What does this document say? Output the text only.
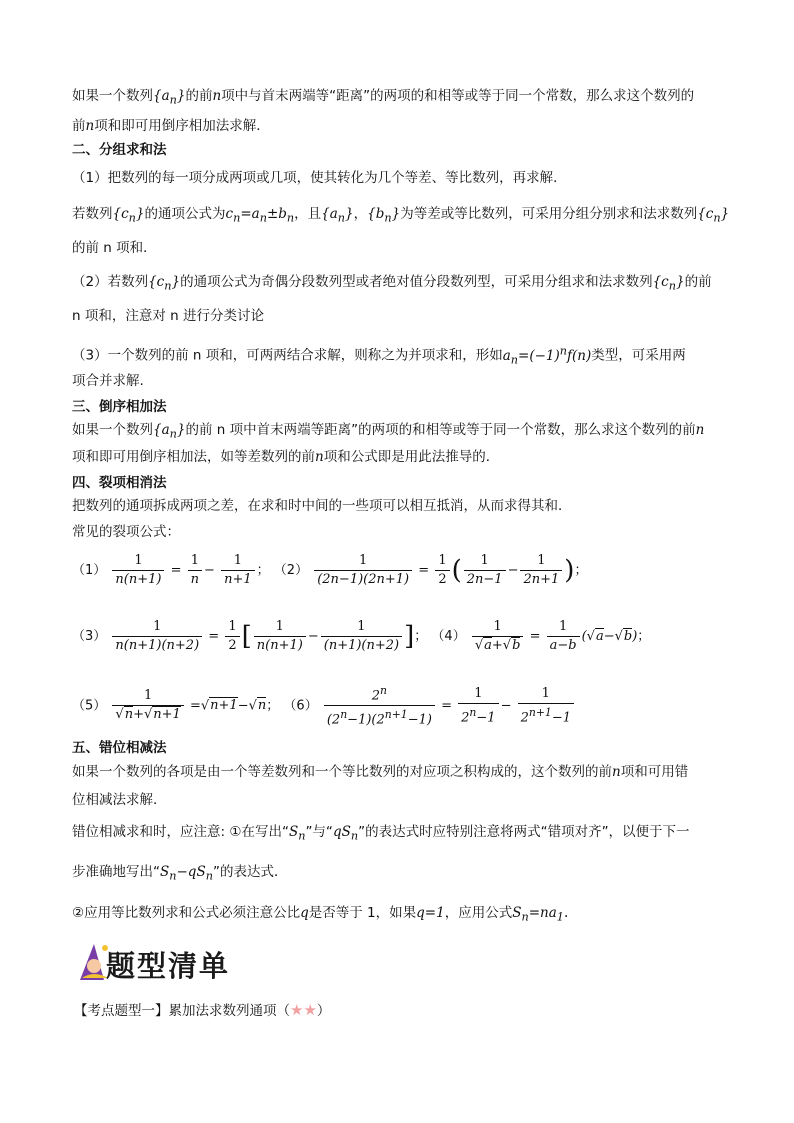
如果一个数列$\{a_n\}$的前n项中与首末两端等“距离”的两项的和相等或等于同一个常数，那么求这个数列的
前n项和即可用倒序相加法求解．
二、分组求和法
（1）把数列的每一项分成两项或几项，使其转化为几个等差、等比数列，再求解．
若数列$\{c_n\}$的通项公式为$c_n=a_n\pm b_n$，且$\{a_n\}$，$\{b_n\}$为等差或等比数列，可采用分组分别求和法求数列$\{c_n\}$
的前 n 项和．
（2）若数列$\{c_n\}$的通项公式为奇偶分段数列型或者绝对值分段数列型，可采用分组求和法求数列$\{c_n\}$的前
n 项和，注意对 n 进行分类讨论
（3）一个数列的前 n 项和，可两两结合求解，则称之为并项求和，形如$a_n=(-1)^nf(n)$类型，可采用两
项合并求解.
三、倒序相加法
如果一个数列$\{a_n\}$的前 n 项中首末两端等距离”的两项的和相等或等于同一个常数，那么求这个数列的前n
项和即可用倒序相加法，如等差数列的前n项和公式即是用此法推导的．
四、裂项相消法
把数列的通项拆成两项之差，在求和时中间的一些项可以相互抵消，从而求得其和．
常见的裂项公式：
$(1) \frac{1}{n(n+1)} = \frac{1}{n} - \frac{1}{n+1}$ ； $(2) \frac{1}{(2n-1)(2n+1)} = \frac{1}{2}$ ( $\frac{1}{2n-1} - \frac{1}{2n+1}$ )；
$(3) \frac{1}{n(n+1)(n+2)} = \frac{1}{2}$ [ $\frac{1}{n(n+1)} - \frac{1}{(n+1)(n+2)}$ ]； $(4) \frac{1}{√a+√b} = \frac{1}{a-b} (√a-√b)$；
$(5) \frac{1}{√n+√n+1} =√n+1-√n$； $(6) \frac{2^n}{(2^n-1)(2^{n+1}-1)} = \frac{1}{2^n-1} - \frac{1}{2^{n+1}-1}$
五、错位相减法
如果一个数列的各项是由一个等差数列和一个等比数列的对应项之积构成的，这个数列的前n项和可用错
位相减法求解．
错位相减求和时，应注意: ①在写出“$S_n$”与“$qS_n$”的表达式时应特别注意将两式“错项对齐”，以便于下一
步准确地写出“$S_n-qS_n$”的表达式．
②应用等比数列求和公式必须注意公比q是否等于 1，如果q=1，应用公式$S_n=na_1$.
题型清单
【考点题型一】累加法求数列通项（★★）
